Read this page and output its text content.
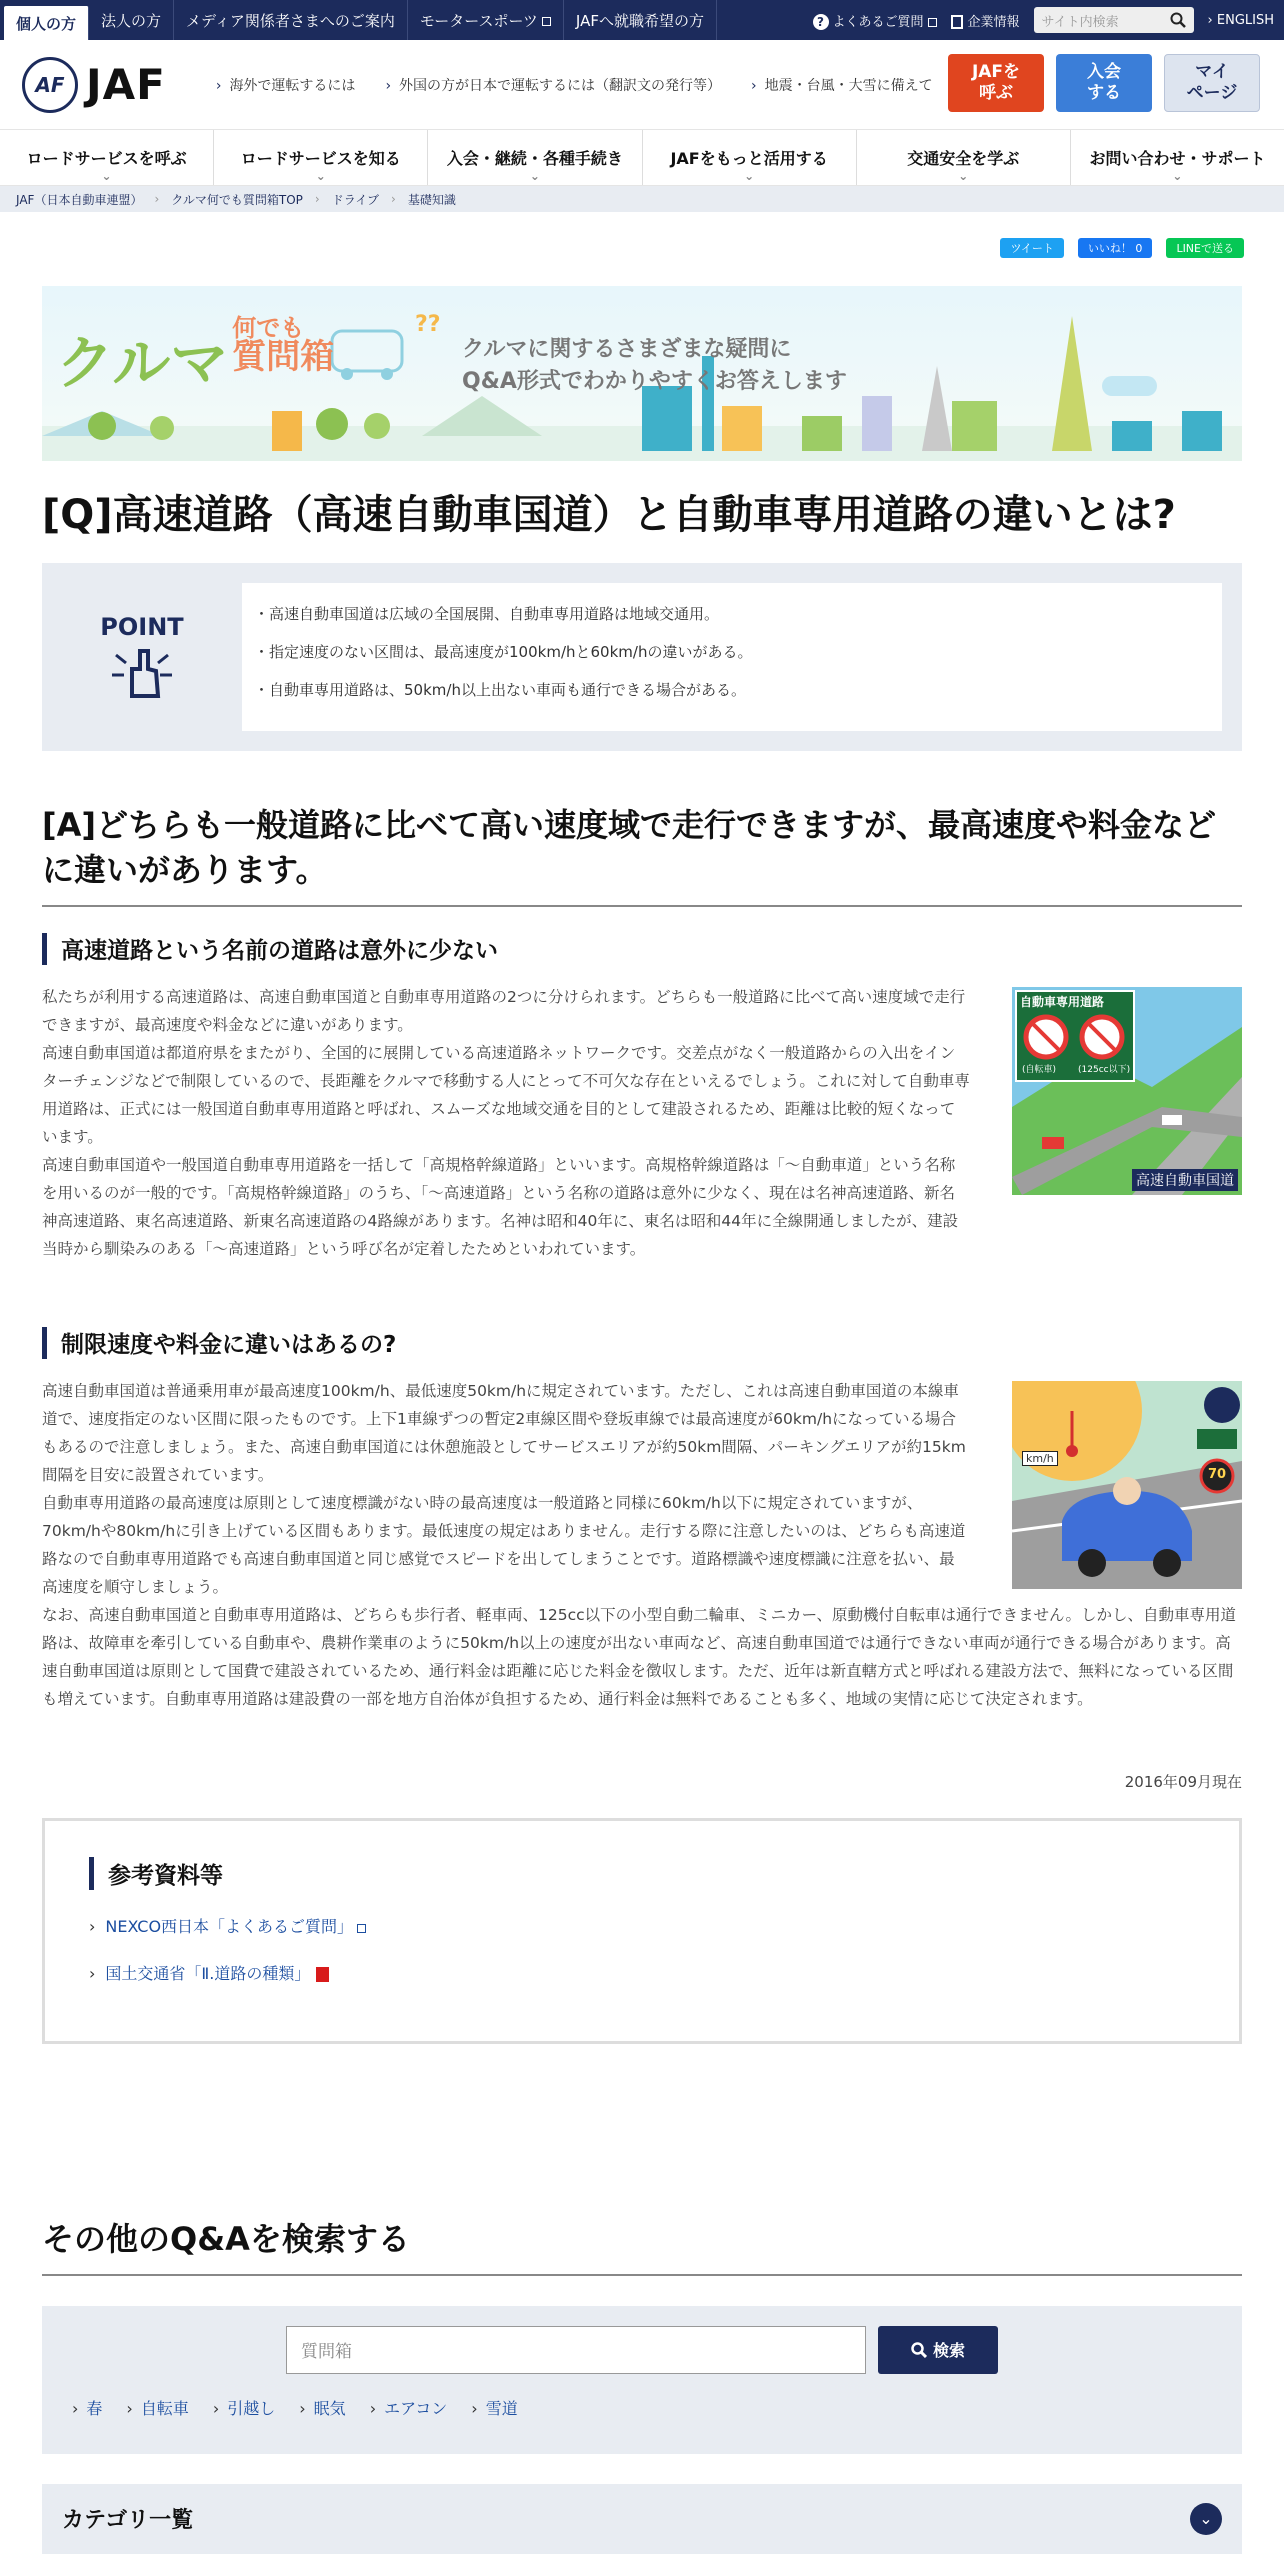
個人の方	法人の方	メディア関係者さまへのご案内	モータースポーツ	JAFへ就職希望の方	? よくあるご質問	企業情報 サイト内検索	› ENGLISH
AF JAF	› 海外で運転するには	› 外国の方が日本で運転するには（翻訳文の発行等）	› 地震・台風・大雪に備えて
JAFを
呼ぶ
入会
する
マイ
ページ
ロードサービスを呼ぶ ⌄	ロードサービスを知る ⌄	入会・継続・各種手続き ⌄	JAFをもっと活用する ⌄	交通安全を学ぶ ⌄	お問い合わせ・サポート ⌄
JAF（日本自動車連盟） › クルマ何でも質問箱TOP › ドライブ › 基礎知識
ツイート	いいね！ 0	LINEで送る
??
クルマ
何でも
質問箱	クルマに関するさまざまな疑問に
Q&A形式でわかりやすくお答えします
[Q]高速道路（高速自動車国道）と自動車専用道路の違いとは?
POINT	・ 高速自動車国道は広域の全国展開、自動車専用道路は地域交通用。
・ 指定速度のない区間は、最高速度が100km/hと60km/hの違いがある。
・ 自動車専用道路は、50km/h以上出ない車両も通行できる場合がある。
[A]どちらも一般道路に比べて高い速度域で走行できますが、最高速度や料金などに違いがあります。
高速道路という名前の道路は意外に少ない

私たちが利用する高速道路は、高速自動車国道と自動車専用道路の2つに分けられます。どちらも一般道路に比べて高い速度域で走行できますが、最高速度や料金などに違いがあります。
高速自動車国道は都道府県をまたがり、全国的に展開している高速道路ネットワークです。交差点がなく一般道路からの入出をインターチェンジなどで制限しているので、長距離をクルマで移動する人にとって不可欠な存在といえるでしょう。これに対して自動車専用道路は、正式には一般国道自動車専用道路と呼ばれ、スムーズな地域交通を目的として建設されるため、距離は比較的短くなっています。
高速自動車国道や一般国道自動車専用道路を一括して「高規格幹線道路」といいます。高規格幹線道路は「～自動車道」という名称を用いるのが一般的です。「高規格幹線道路」のうち、「～高速道路」という名称の道路は意外に少なく、現在は名神高速道路、新名神高速道路、東名高速道路、新東名高速道路の4路線があります。名神は昭和40年に、東名は昭和44年に全線開通しましたが、建設当時から馴染みのある「～高速道路」という呼び名が定着したためといわれています。

自動車専用道路
(自転車) (125cc以下)
高速自動車国道
制限速度や料金に違いはあるの?

高速自動車国道は普通乗用車が最高速度100km/h、最低速度50km/hに規定されています。ただし、これは高速自動車国道の本線車道で、速度指定のない区間に限ったものです。上下1車線ずつの暫定2車線区間や登坂車線では最高速度が60km/hになっている場合もあるので注意しましょう。また、高速自動車国道には休憩施設としてサービスエリアが約50km間隔、パーキングエリアが約15km間隔を目安に設置されています。
自動車専用道路の最高速度は原則として速度標識がない時の最高速度は一般道路と同様に60km/h以下に規定されていますが、70km/hや80km/hに引き上げている区間もあります。最低速度の規定はありません。走行する際に注意したいのは、どちらも高速道路なので自動車専用道路でも高速自動車国道と同じ感覚でスピードを出してしまうことです。道路標識や速度標識に注意を払い、最高速度を順守しましょう。

km/h
70

なお、高速自動車国道と自動車専用道路は、どちらも歩行者、軽車両、125cc以下の小型自動二輪車、ミニカー、原動機付自転車は通行できません。しかし、自動車専用道路は、故障車を牽引している自動車や、農耕作業車のように50km/h以上の速度が出ない車両など、高速自動車国道では通行できない車両が通行できる場合があります。高速自動車国道は原則として国費で建設されているため、通行料金は距離に応じた料金を徴収します。ただ、近年は新直轄方式と呼ばれる建設方法で、無料になっている区間も増えています。自動車専用道路は建設費の一部を地方自治体が負担するため、通行料金は無料であることも多く、地域の実情に応じて決定されます。

2016年09月現在
参考資料等
› NEXCO西日本「よくあるご質問」
› 国土交通省「Ⅱ.道路の種類」
その他のQ&Aを検索する
質問箱	検索
› 春	› 自転車	› 引越し	› 眠気	› エアコン	› 雪道
カテゴリ一覧	⌄
